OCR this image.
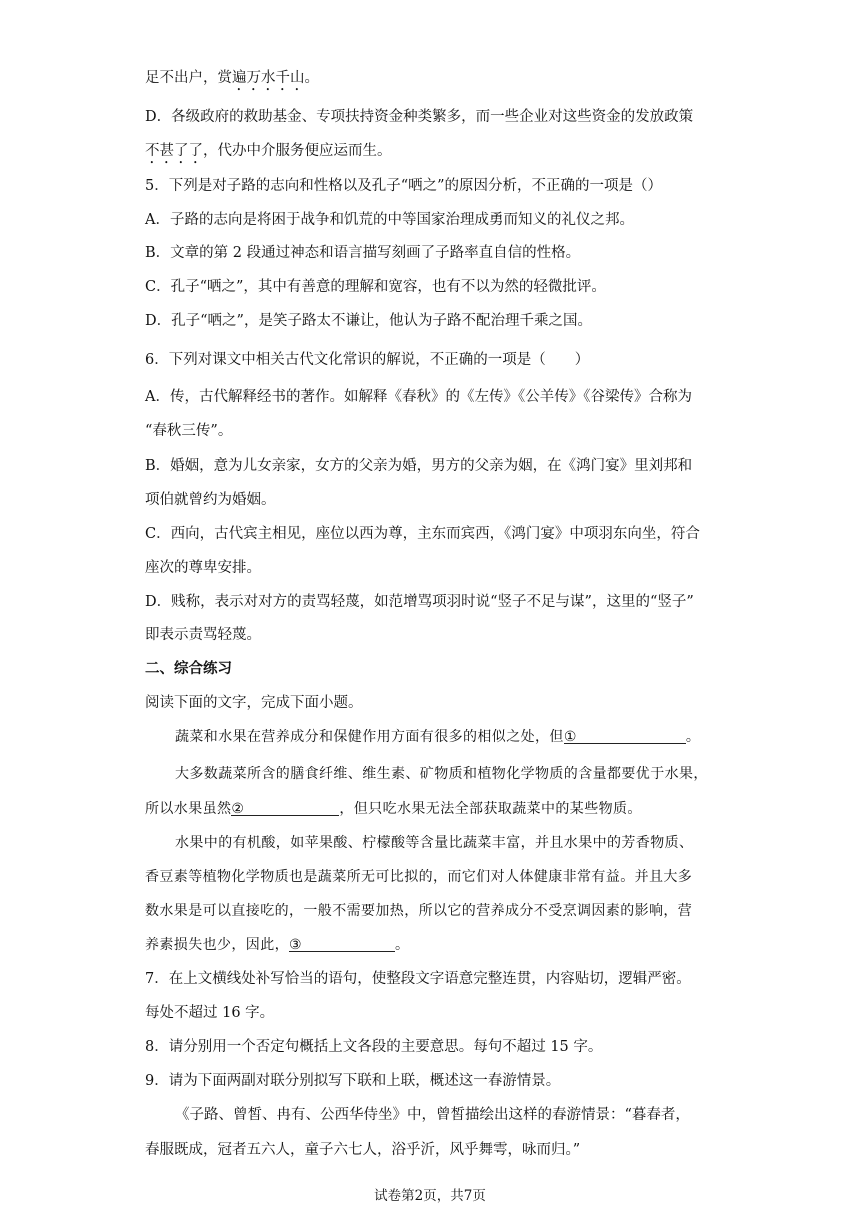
足不出户，赏遍万水千山。
D．各级政府的救助基金、专项扶持资金种类繁多，而一些企业对这些资金的发放政策
不甚了了，代办中介服务便应运而生。
5．下列是对子路的志向和性格以及孔子“哂之”的原因分析，不正确的一项是（）
A．子路的志向是将困于战争和饥荒的中等国家治理成勇而知义的礼仪之邦。
B．文章的第 2 段通过神态和语言描写刻画了子路率直自信的性格。
C．孔子“哂之”，其中有善意的理解和宽容，也有不以为然的轻微批评。
D．孔子“哂之”，是笑子路太不谦让，他认为子路不配治理千乘之国。
6．下列对课文中相关古代文化常识的解说，不正确的一项是（　　）
A．传，古代解释经书的著作。如解释《春秋》的《左传》《公羊传》《谷梁传》合称为
“春秋三传”。
B．婚姻，意为儿女亲家，女方的父亲为婚，男方的父亲为姻，在《鸿门宴》里刘邦和
项伯就曾约为婚姻。
C．西向，古代宾主相见，座位以西为尊，主东而宾西，《鸿门宴》中项羽东向坐，符合
座次的尊卑安排。
D．贱称，表示对对方的责骂轻蔑，如范增骂项羽时说“竖子不足与谋”，这里的“竖子”
即表示责骂轻蔑。
二、综合练习
阅读下面的文字，完成下面小题。
蔬菜和水果在营养成分和保健作用方面有很多的相似之处，但①	。
大多数蔬菜所含的膳食纤维、维生素、矿物质和植物化学物质的含量都要优于水果，
所以水果虽然②	，但只吃水果无法全部获取蔬菜中的某些物质。
水果中的有机酸，如苹果酸、柠檬酸等含量比蔬菜丰富，并且水果中的芳香物质、
香豆素等植物化学物质也是蔬菜所无可比拟的，而它们对人体健康非常有益。并且大多
数水果是可以直接吃的，一般不需要加热，所以它的营养成分不受烹调因素的影响，营
养素损失也少，因此，③	。
7．在上文横线处补写恰当的语句，使整段文字语意完整连贯，内容贴切，逻辑严密。
每处不超过 16 字。
8．请分别用一个否定句概括上文各段的主要意思。每句不超过 15 字。
9．请为下面两副对联分别拟写下联和上联，概述这一春游情景。
《子路、曾皙、冉有、公西华侍坐》中，曾皙描绘出这样的春游情景：“暮春者，
春服既成，冠者五六人，童子六七人，浴乎沂，风乎舞雩，咏而归。”
试卷第2页，共7页
